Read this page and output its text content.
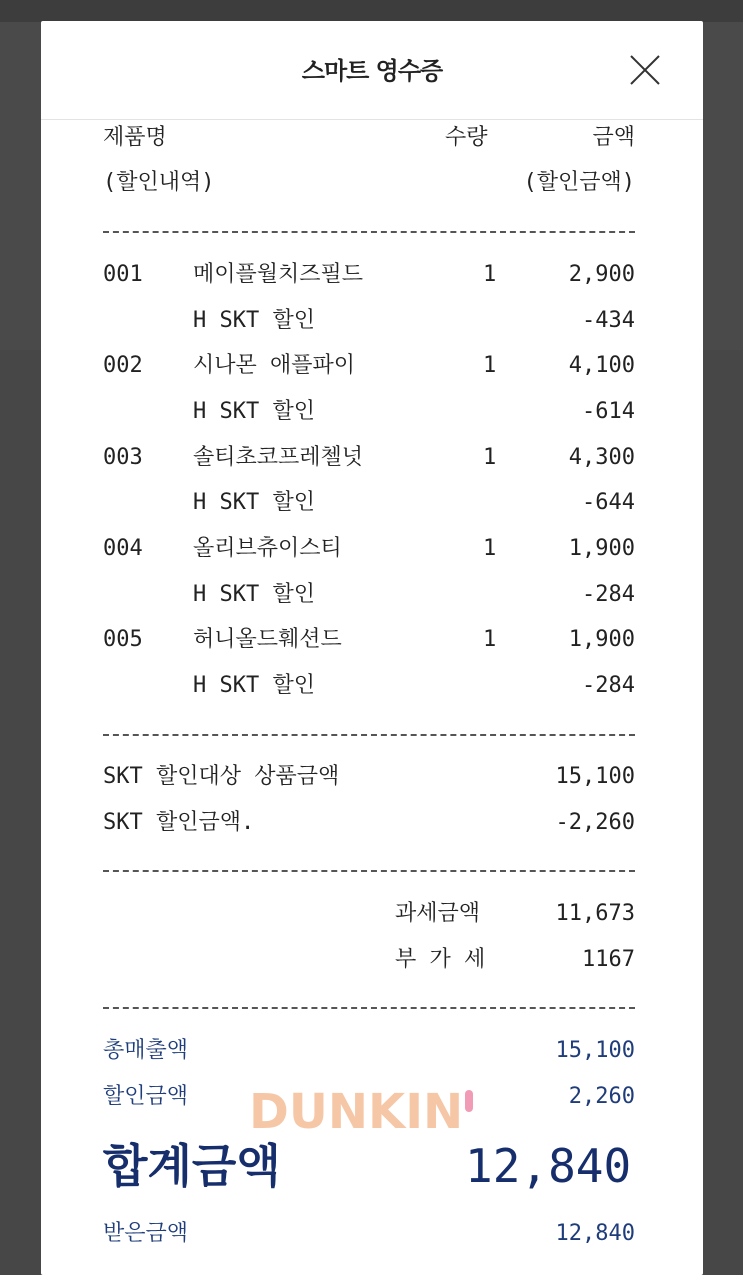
스마트 영수증
제품명	수량	금액
(할인내역)	(할인금액)
001 메이플월치즈필드	1	2,900
H SKT 할인	-434
002 시나몬 애플파이	1	4,100
H SKT 할인	-614
003 솔티초코프레첼넛	1	4,300
H SKT 할인	-644
004 올리브츄이스티	1	1,900
H SKT 할인	-284
005 허니올드훼션드	1	1,900
H SKT 할인	-284
SKT 할인대상 상품금액	15,100
SKT 할인금액.	-2,260
과세금액	11,673
부 가 세	1167
총매출액	15,100
할인금액	2,260
합계금액	12,840
받은금액	12,840
DUNKIN
